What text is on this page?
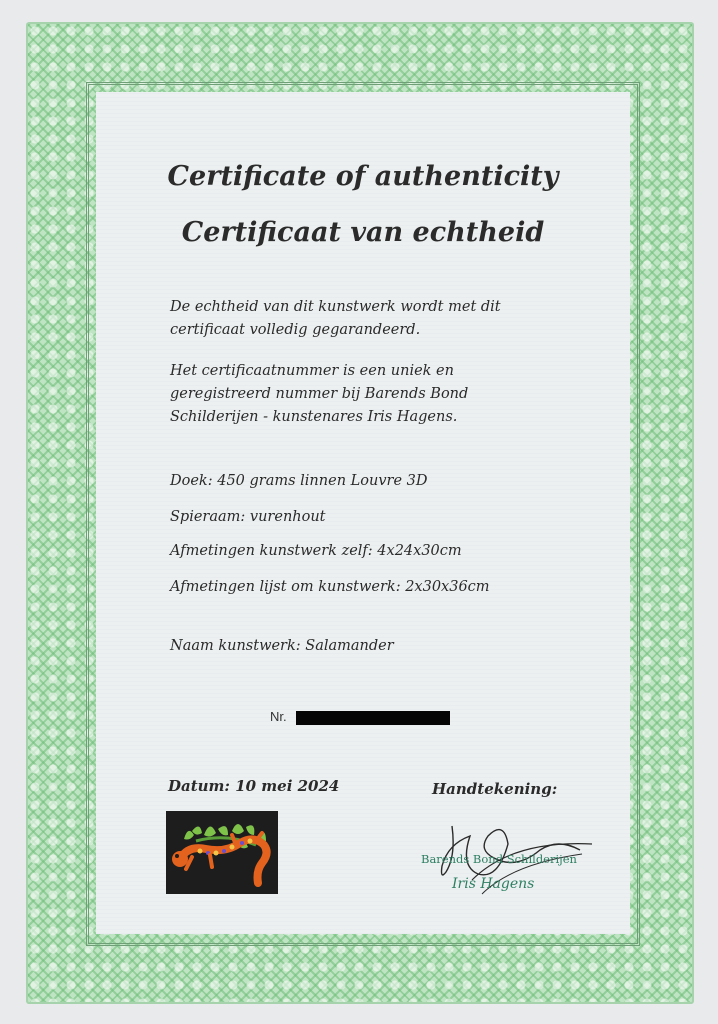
Certificate of authenticity
Certificaat van echtheid
De echtheid van dit kunstwerk wordt met dit certificaat volledig gegarandeerd.
Het certificaatnummer is een uniek en geregistreerd nummer bij Barends Bond Schilderijen - kunstenares Iris Hagens.
Doek: 450 grams linnen Louvre 3D
Spieraam: vurenhout
Afmetingen kunstwerk zelf: 4x24x30cm
Afmetingen lijst om kunstwerk: 2x30x36cm
Naam kunstwerk: Salamander
Nr.
Datum: 10 mei 2024	Handtekening:
Barends Bond Schilderijen
Iris Hagens
